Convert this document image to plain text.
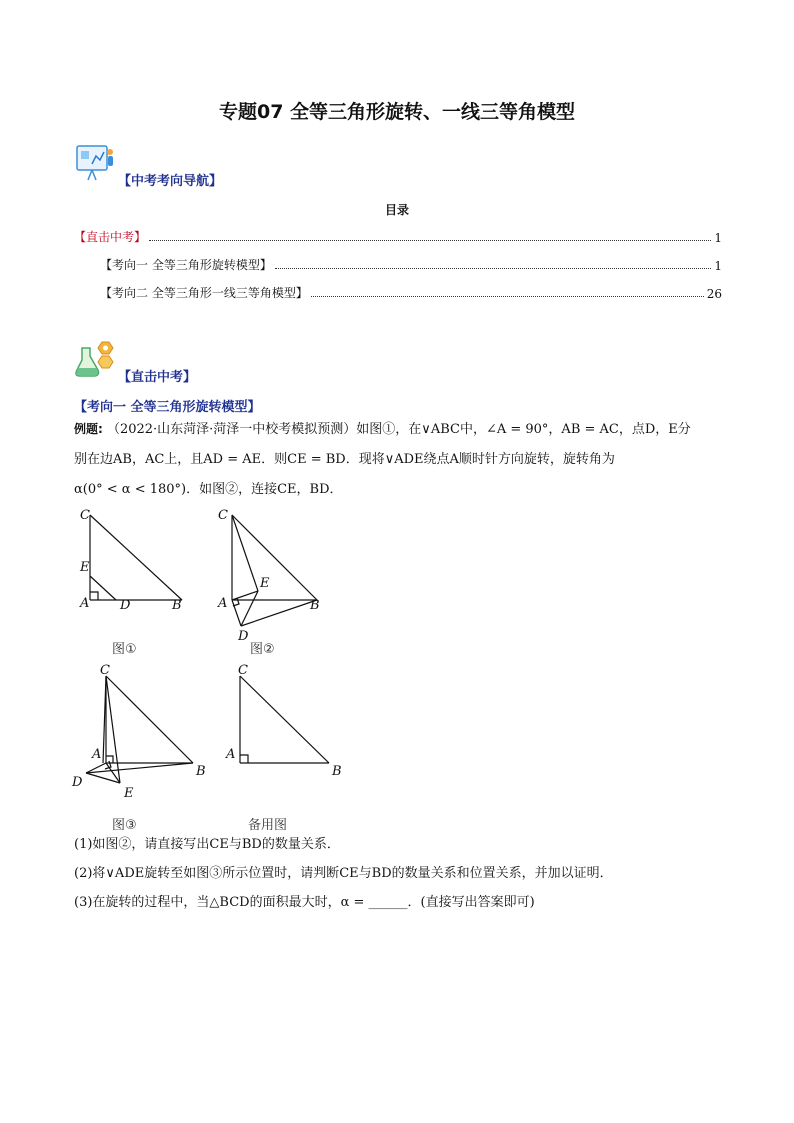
专题07 全等三角形旋转、一线三等角模型
【中考考向导航】
目录
【直击中考】	1
【考向一 全等三角形旋转模型】	1
【考向二 全等三角形一线三等角模型】	26
【直击中考】
【考向一 全等三角形旋转模型】
例题: （2022·山东菏泽·菏泽一中校考模拟预测）如图①，在∨ABC中，∠A = 90°，AB = AC，点D，E分
别在边AB，AC上，且AD = AE．则CE = BD．现将∨ADE绕点A顺时针方向旋转，旋转角为
α(0° < α < 180°)．如图②，连接CE，BD．
C
E
A D	B
图①
C
E
A
D
B
图②
C
A
D
E
B
图③
C
A
B
备用图
(1)如图②，请直接写出CE与BD的数量关系．
(2)将∨ADE旋转至如图③所示位置时，请判断CE与BD的数量关系和位置关系，并加以证明．
(3)在旋转的过程中，当△BCD的面积最大时，α = ______．(直接写出答案即可)
